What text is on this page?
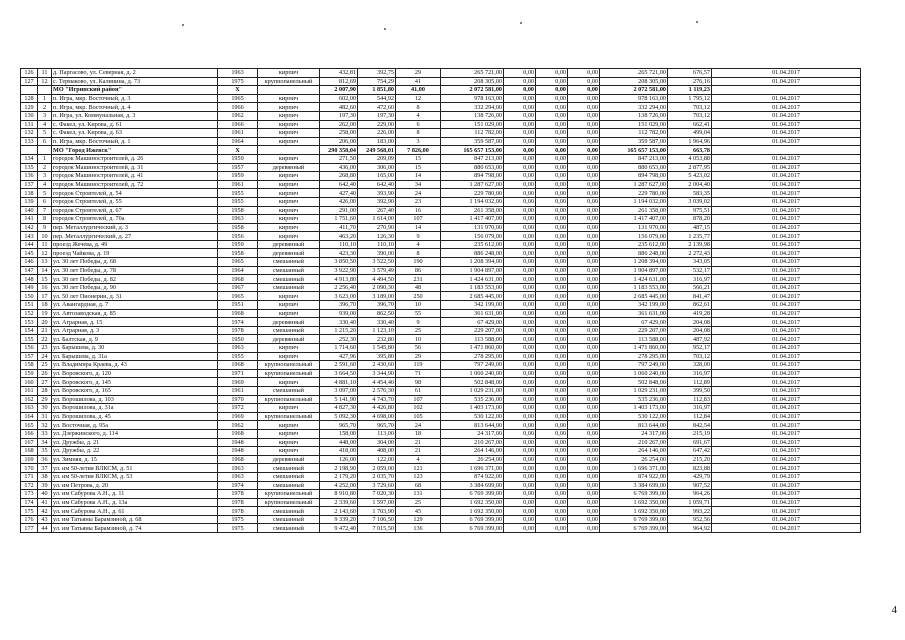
126	11	д. Паргасово, ул. Северная, д. 2	1963	кирпич	432,81	392,75	29	265 721,00	0,00	0,00	0,00	265 721,00	676,57	01.04.2017
127	12	с. Термаково, ул. Калинина, д. 73	1975	крупнопанельный	812,69	754,29	41	208 305,00	0,00	0,00	0,00	208 305,00	276,16	01.04.2017
		МО "Игринский район"	X		2 007,90	1 851,80	41,00	2 072 581,00	0,00	0,00	0,00	2 072 581,00	1 119,23	
128	1	п. Игра, мкр. Восточный, д. 3	1965	кирпич	602,00	544,92	12	978 163,00	0,00	0,00	0,00	978 163,00	1 795,12	01.04.2017
129	2	п. Игра, мкр. Восточный, д. 4	1966	кирпич	482,60	472,60	8	332 294,00	0,00	0,00	0,00	332 294,00	703,12	01.04.2017
130	3	п. Игра, ул. Коммунальная, д. 3	1962	кирпич	197,30	197,30	4	138 726,00	0,00	0,00	0,00	138 726,00	703,12	01.04.2017
131	4	с. Факел, ул. Кирова, д. 61	1966	кирпич	262,00	229,00	6	151 029,00	0,00	0,00	0,00	151 029,00	662,41	01.04.2017
132	5	с. Факел, ул. Кирова, д. 63	1961	кирпич	258,00	226,00	8	112 782,00	0,00	0,00	0,00	112 782,00	499,04	01.04.2017
133	6	п. Игра, мкр. Восточный, д. 1	1964	кирпич	206,00	183,00	3	359 587,00	0,00	0,00	0,00	359 587,00	1 964,96	01.04.2017
		МО "Город Ижевск"	X		290 358,04	249 568,01	7 826,00	165 657 153,00	0,00	0,00	0,00	165 657 153,00	663,78	
134	1	городок Машиностроителей, д. 26	1959	кирпич	271,50	209,09	15	847 213,00	0,00	0,00	0,00	847 213,00	4 053,88	01.04.2017
135	2	городок Машиностроителей, д. 31	1957	деревянный	436,00	306,00	15	880 653,00	0,00	0,00	0,00	880 653,00	2 877,95	01.04.2017
136	3	городок Машиностроителей, д. 41	1959	кирпич	268,80	165,00	14	894 798,00	0,00	0,00	0,00	894 798,00	5 423,02	01.04.2017
137	4	городок Машиностроителей, д. 72	1961	кирпич	642,40	642,40	34	1 287 627,00	0,00	0,00	0,00	1 287 627,00	2 004,40	01.04.2017
138	5	городок Строителей, д. 54	1955	кирпич	427,40	393,90	24	229 780,00	0,00	0,00	0,00	229 780,00	583,35	01.04.2017
139	6	городок Строителей, д. 55	1955	кирпич	426,00	392,90	23	1 194 032,00	0,00	0,00	0,00	1 194 032,00	3 039,02	01.04.2017
140	7	городок Строителей, д. 67	1958	кирпич	291,00	267,40	16	261 358,00	0,00	0,00	0,00	261 358,00	975,51	01.04.2017
141	8	городок Строителей, д. 70а	1963	кирпич	1 751,60	1 614,00	107	1 417 407,00	0,00	0,00	0,00	1 417 407,00	878,20	01.04.2017
142	9	пер. Металлургический, д. 3	1958	кирпич	411,70	270,90	14	131 970,00	0,00	0,00	0,00	131 970,00	487,15	01.04.2017
143	10	пер. Металлургический, д. 27	1956	кирпич	463,20	126,30	9	156 079,00	0,00	0,00	0,00	156 079,00	1 235,77	01.04.2017
144	11	проезд Жечева, д. 49	1959	деревянный	110,10	110,10	4	235 612,00	0,00	0,00	0,00	235 612,00	2 139,98	01.04.2017
145	12	проезд Чайкова, д. 19	1958	деревянный	423,30	390,00	8	886 248,00	0,00	0,00	0,00	886 248,00	2 272,43	01.04.2017
146	13	ул. 30 лет Победы, д. 68	1965	смешанный	3 850,50	3 522,50	190	1 208 394,00	0,00	0,00	0,00	1 208 394,00	343,05	01.04.2017
147	14	ул. 30 лет Победы, д. 78	1964	смешанный	3 922,90	3 579,49	86	1 904 897,00	0,00	0,00	0,00	1 904 897,00	532,17	01.04.2017
148	15	ул. 30 лет Победы, д. 82	1968	смешанный	4 913,80	4 494,50	231	1 424 631,00	0,00	0,00	0,00	1 424 631,00	316,97	01.04.2017
149	16	ул. 30 лет Победы, д. 90	1967	смешанный	2 256,40	2 090,30	48	1 183 553,00	0,00	0,00	0,00	1 183 553,00	566,21	01.04.2017
150	17	ул. 50 лет Пионерии, д. 31	1965	кирпич	3 623,00	3 189,00	250	2 685 445,00	0,00	0,00	0,00	2 685 445,00	841,47	01.04.2017
151	18	ул. Авангардная, д. 7	1951	кирпич	396,70	396,70	10	342 199,00	0,00	0,00	0,00	342 199,00	862,61	01.04.2017
152	19	ул. Автозаводская, д. 85	1968	кирпич	939,00	862,50	55	361 631,00	0,00	0,00	0,00	361 631,00	419,28	01.04.2017
153	20	ул. Аграрная, д. 15	1974	деревянный	330,40	330,40	9	67 429,00	0,00	0,00	0,00	67 429,00	204,08	01.04.2017
154	21	ул. Аграрная, д. 3	1978	смешанный	1 215,20	1 123,10	25	229 207,00	0,00	0,00	0,00	229 207,00	204,08	01.04.2017
155	22	ул. Балтская, д. 9	1950	деревянный	252,30	232,80	10	113 588,00	0,00	0,00	0,00	113 588,00	487,92	01.04.2017
156	23	ул. Барышева, д. 30	1963	кирпич	1 714,60	1 545,80	56	1 471 860,00	0,00	0,00	0,00	1 471 860,00	952,17	01.04.2017
157	24	ул. Барышева, д. 31а	1955	кирпич	427,96	395,80	29	278 295,00	0,00	0,00	0,00	278 295,00	703,12	01.04.2017
158	25	ул. Владимира Краева, д. 43	1968	крупнопанельный	2 591,60	2 430,60	119	797 249,00	0,00	0,00	0,00	797 249,00	328,00	01.04.2017
159	26	ул. Воровского, д. 120	1971	крупнопанельный	3 664,50	3 344,90	71	1 060 240,00	0,00	0,00	0,00	1 060 240,00	316,97	01.04.2017
160	27	ул. Воровского, д. 145	1969	кирпич	4 881,10	4 454,40	98	502 848,00	0,00	0,00	0,00	502 848,00	112,89	01.04.2017
161	28	ул. Воровского, д. 165	1961	смешанный	3 097,00	2 576,30	61	1 029 231,00	0,00	0,00	0,00	1 029 231,00	399,50	01.04.2017
162	29	ул. Ворошилова, д. 103	1970	крупнопанельный	5 141,90	4 743,70	107	535 236,00	0,00	0,00	0,00	535 236,00	112,83	01.04.2017
163	30	ул. Ворошилова, д. 31а	1972	кирпич	4 827,30	4 426,80	102	1 403 173,00	0,00	0,00	0,00	1 403 173,00	316,97	01.04.2017
164	31	ул. Ворошилова, д. 45	1969	крупнопанельный	5 092,30	4 698,00	105	530 122,00	0,00	0,00	0,00	530 122,00	112,84	01.04.2017
165	32	ул. Восточная, д. 95а	1962	кирпич	965,70	965,70	24	813 644,00	0,00	0,00	0,00	813 644,00	842,54	01.04.2017
166	33	ул. Дзержинского, д. 114	1968	кирпич	158,00	113,00	18	24 317,00	0,00	0,00	0,00	24 317,00	215,19	01.04.2017
167	34	ул. Дружбы, д. 21	1948	кирпич	448,00	304,00	21	210 267,00	0,00	0,00	0,00	210 267,00	691,67	01.04.2017
168	35	ул. Дружбы, д. 22	1948	кирпич	418,00	408,00	21	264 146,00	0,00	0,00	0,00	264 146,00	647,42	01.04.2017
169	36	ул. Зимняя, д. 15	1968	деревянный	126,00	122,00	4	26 254,00	0,00	0,00	0,00	26 254,00	215,20	01.04.2017
170	37	ул. им 50-летия ВЛКСМ, д. 51	1963	смешанный	2 198,90	2 059,00	121	1 696 371,00	0,00	0,00	0,00	1 696 371,00	823,88	01.04.2017
171	38	ул. им 50-летия ВЛКСМ, д. 53	1963	смешанный	2 179,20	2 035,70	123	874 922,00	0,00	0,00	0,00	874 922,00	429,79	01.04.2017
172	39	ул. им Петрова, д. 20	1974	смешанный	4 252,00	3 729,60	68	3 384 699,00	0,00	0,00	0,00	3 384 699,00	907,52	01.04.2017
173	40	ул. им Сабурова А.Н., д. 11	1978	крупнопанельный	8 910,80	7 020,30	131	6 769 399,00	0,00	0,00	0,00	6 769 399,00	964,26	01.04.2017
174	41	ул. им Сабурова А.Н., д. 13а	1978	крупнопанельный	2 339,60	1 597,00	25	1 692 350,00	0,00	0,00	0,00	1 692 350,00	1 059,71	01.04.2017
175	42	ул. им Сабурова А.Н., д. 61	1978	смешанный	2 143,60	1 703,90	45	1 692 350,00	0,00	0,00	0,00	1 692 350,00	993,22	01.04.2017
176	43	ул. им Татьяны Барамзиной, д. 68	1975	смешанный	9 339,20	7 106,50	129	6 769 399,00	0,00	0,00	0,00	6 769 399,00	952,56	01.04.2017
177	44	ул. им Татьяны Барамзиной, д. 74	1975	смешанный	9 472,40	7 015,50	136	6 769 399,00	0,00	0,00	0,00	6 769 399,00	964,92	01.04.2017
4
